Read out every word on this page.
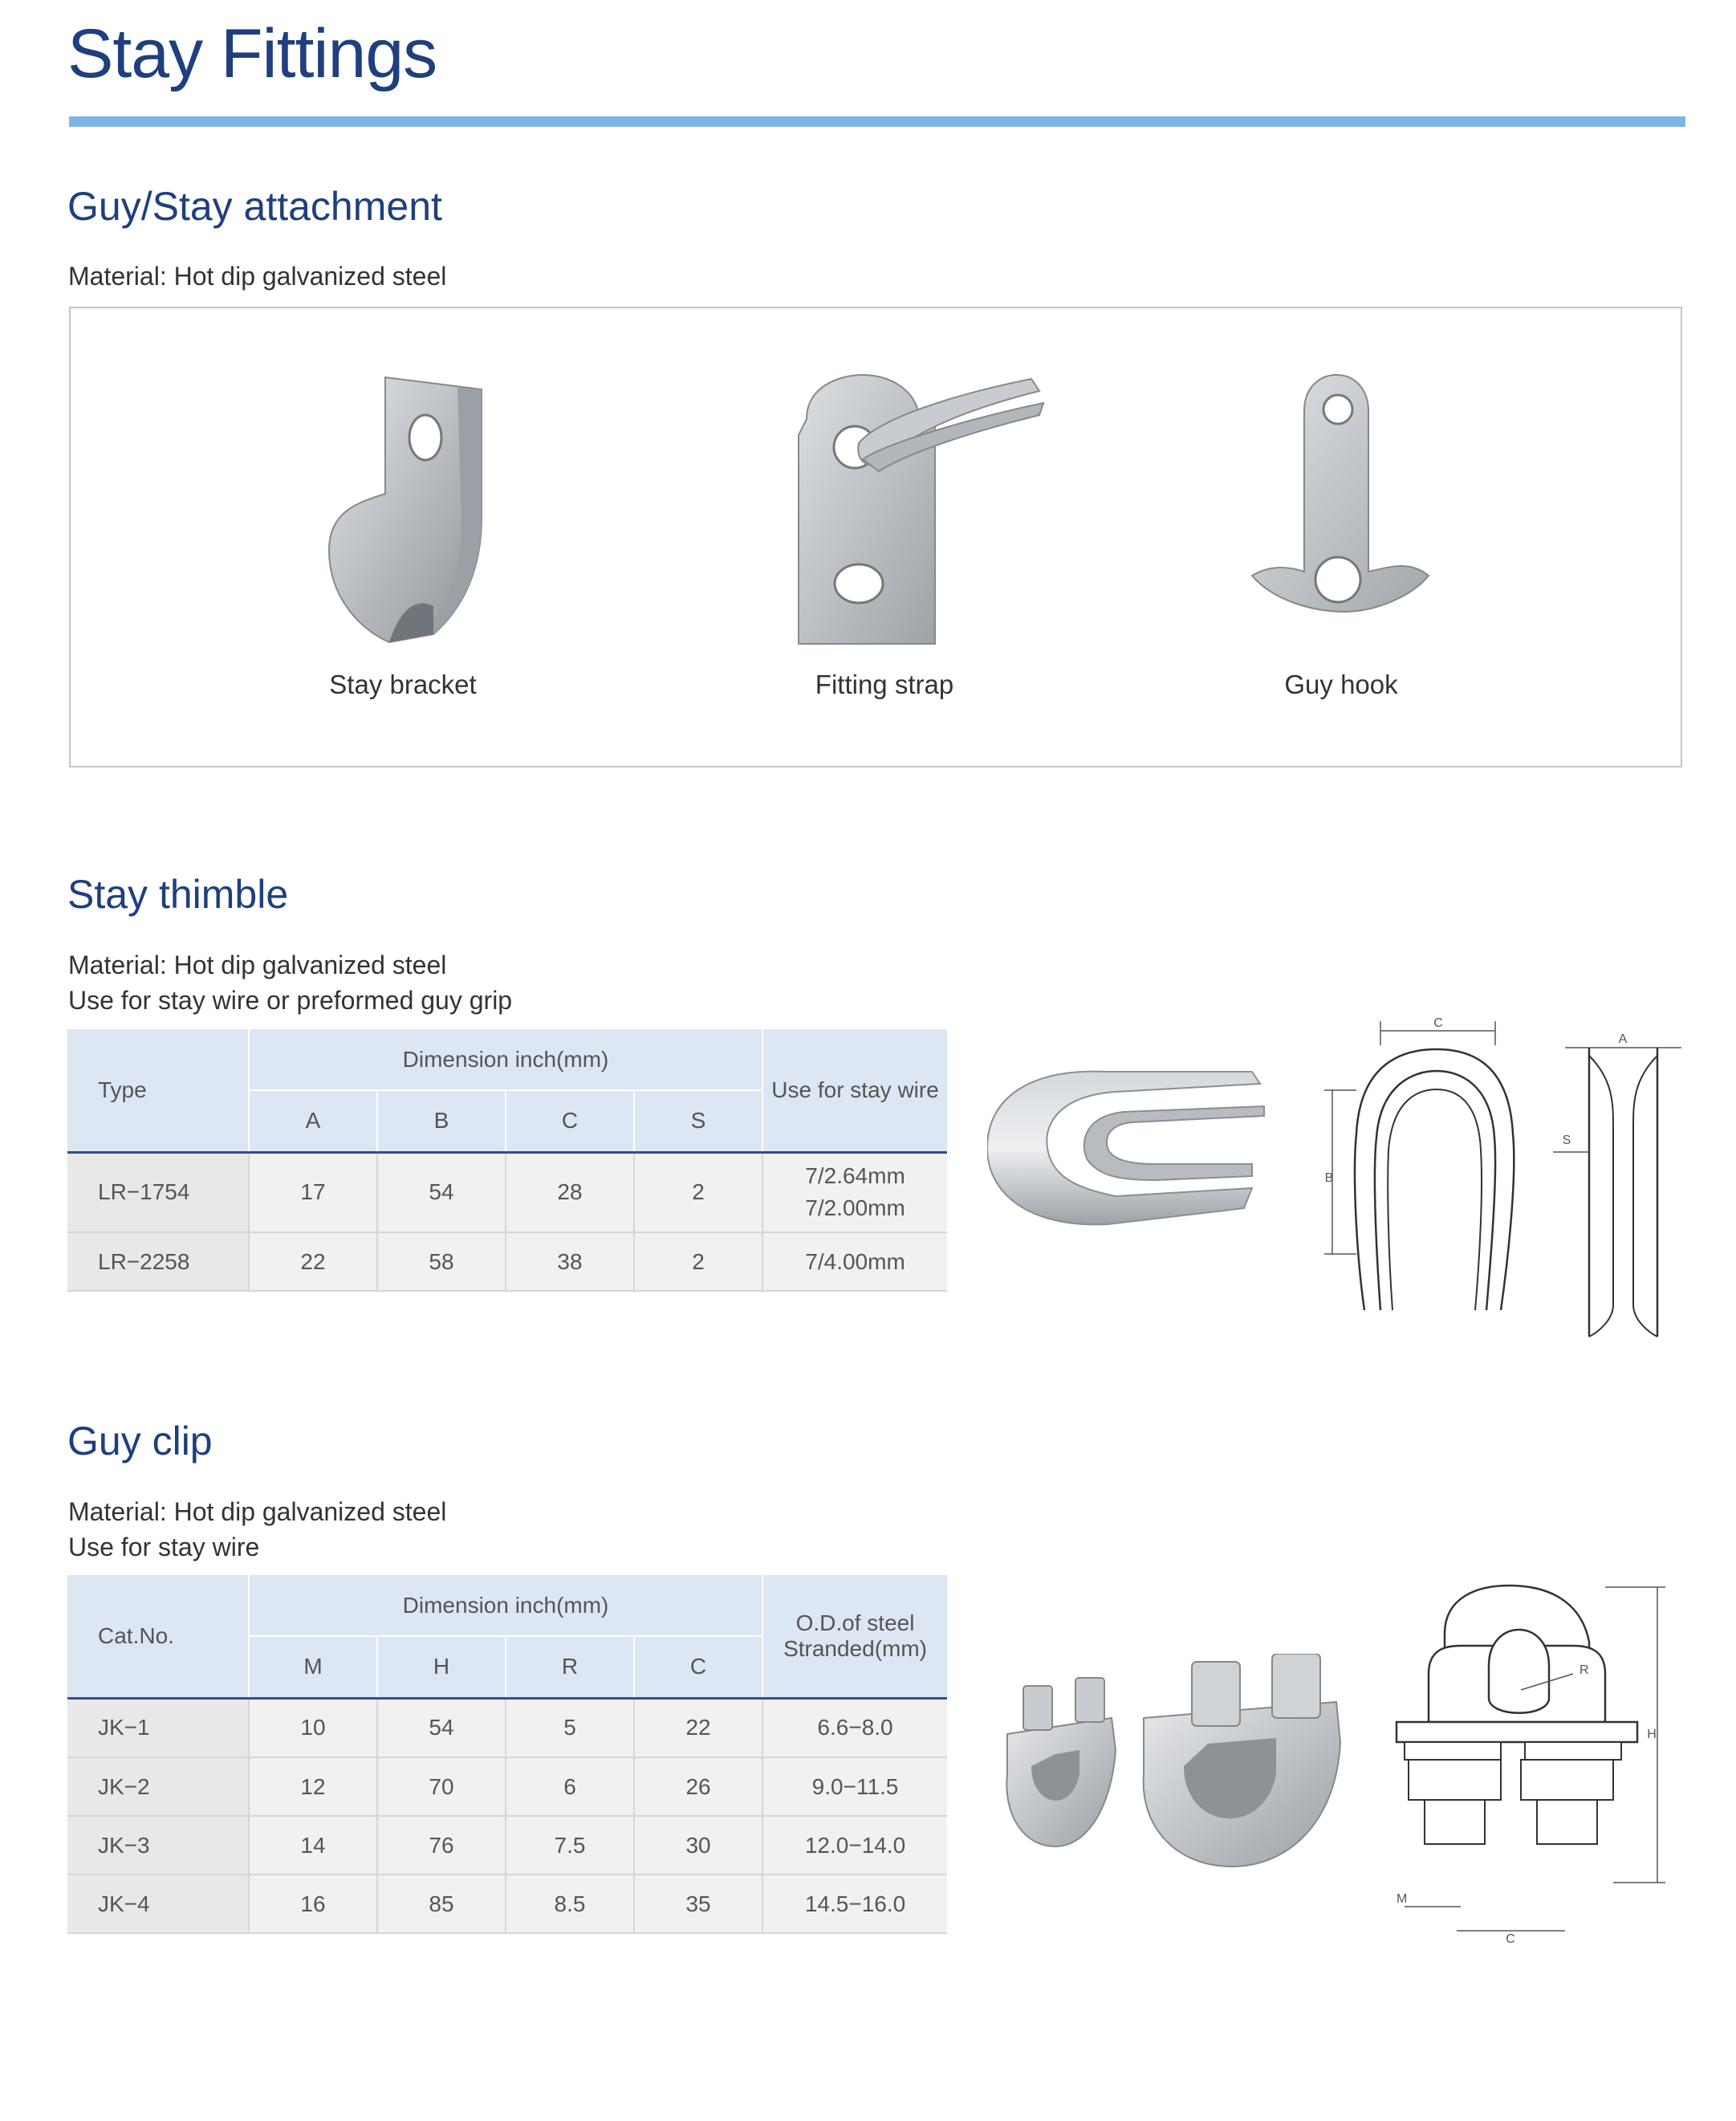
Stay Fittings
Guy/Stay attachment

Material: Hot dip galvanized steel

Stay bracket	Fitting strap	Guy hook
Stay thimble

Material: Hot dip galvanized steel

Use for stay wire or preformed guy grip

Type	Dimension inch(mm)				Use for stay wire
	A	B	C	S	
LR−1754	17	54	28	2	7/2.64mm
7/2.00mm

LR−2258	22	58	38	2	7/4.00mm
C
B
A
S
Guy clip

Material: Hot dip galvanized steel

Use for stay wire

Cat.No.	Dimension inch(mm)				O.D.of steel
Stranded(mm)

	M	H	R	C	
JK−1	10	54	5	22	6.6−8.0
JK−2	12	70	6	26	9.0−11.5
JK−3	14	76	7.5	30	12.0−14.0
JK−4	16	85	8.5	35	14.5−16.0
R
H
M
C
